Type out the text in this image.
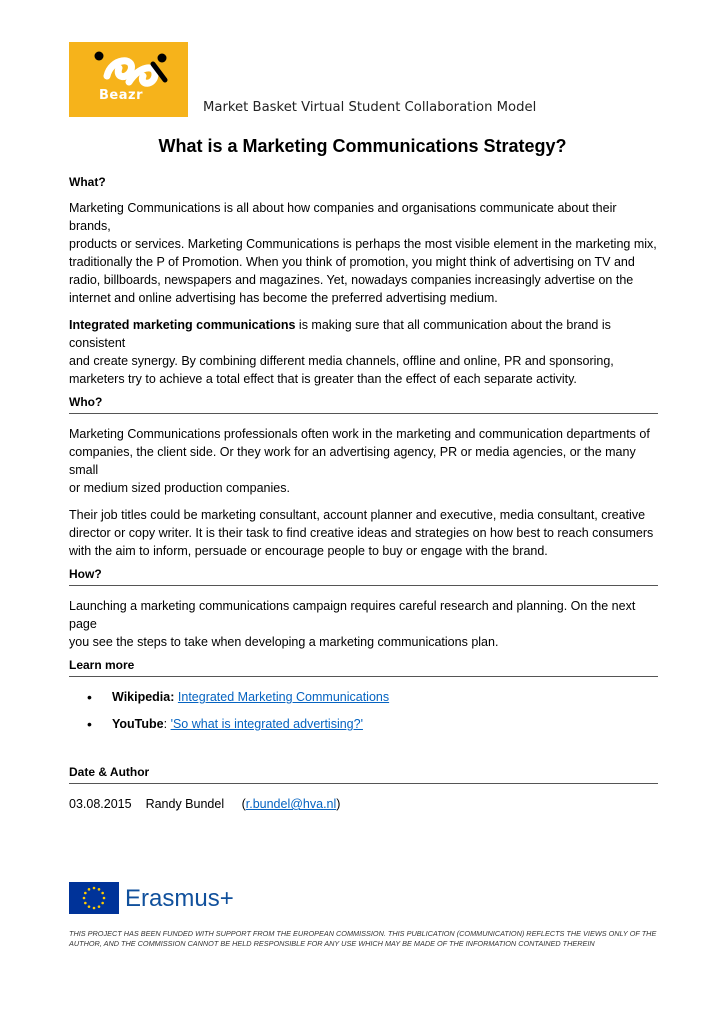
Beazr
Market Basket Virtual Student Collaboration Model
What is a Marketing Communications Strategy?
What?

Marketing Communications is all about how companies and organisations communicate about their brands,
products or services. Marketing Communications is perhaps the most visible element in the marketing mix,
traditionally the P of Promotion. When you think of promotion, you might think of advertising on TV and
radio, billboards, newspapers and magazines. Yet, nowadays companies increasingly advertise on the
internet and online advertising has become the preferred advertising medium.

Integrated marketing communications is making sure that all communication about the brand is consistent
and create synergy. By combining different media channels, offline and online, PR and sponsoring,
marketers try to achieve a total effect that is greater than the effect of each separate activity.

Who?

Marketing Communications professionals often work in the marketing and communication departments of
companies, the client side. Or they work for an advertising agency, PR or media agencies, or the many small
or medium sized production companies.

Their job titles could be marketing consultant, account planner and executive, media consultant, creative
director or copy writer. It is their task to find creative ideas and strategies on how best to reach consumers
with the aim to inform, persuade or encourage people to buy or engage with the brand.

How?

Launching a marketing communications campaign requires careful research and planning. On the next page
you see the steps to take when developing a marketing communications plan.

Learn more
• Wikipedia: Integrated Marketing Communications
• YouTube: 'So what is integrated advertising?'
Date & Author

03.08.2015 Randy Bundel (r.bundel@hva.nl)

Erasmus+
THIS PROJECT HAS BEEN FUNDED WITH SUPPORT FROM THE EUROPEAN COMMISSION. THIS PUBLICATION (COMMUNICATION) REFLECTS THE VIEWS ONLY OF THE AUTHOR, AND THE COMMISSION CANNOT BE HELD RESPONSIBLE FOR ANY USE WHICH MAY BE MADE OF THE INFORMATION CONTAINED THEREIN
